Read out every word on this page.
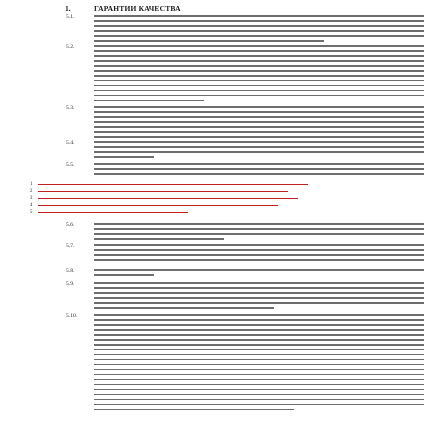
1.	ГАРАНТИИ КАЧЕСТВА
5.1.
5.2.
5.3.
5.4.
5.5.
1
2
3
4
5
5.6.
5.7.
5.8.
5.9.
5.10.
